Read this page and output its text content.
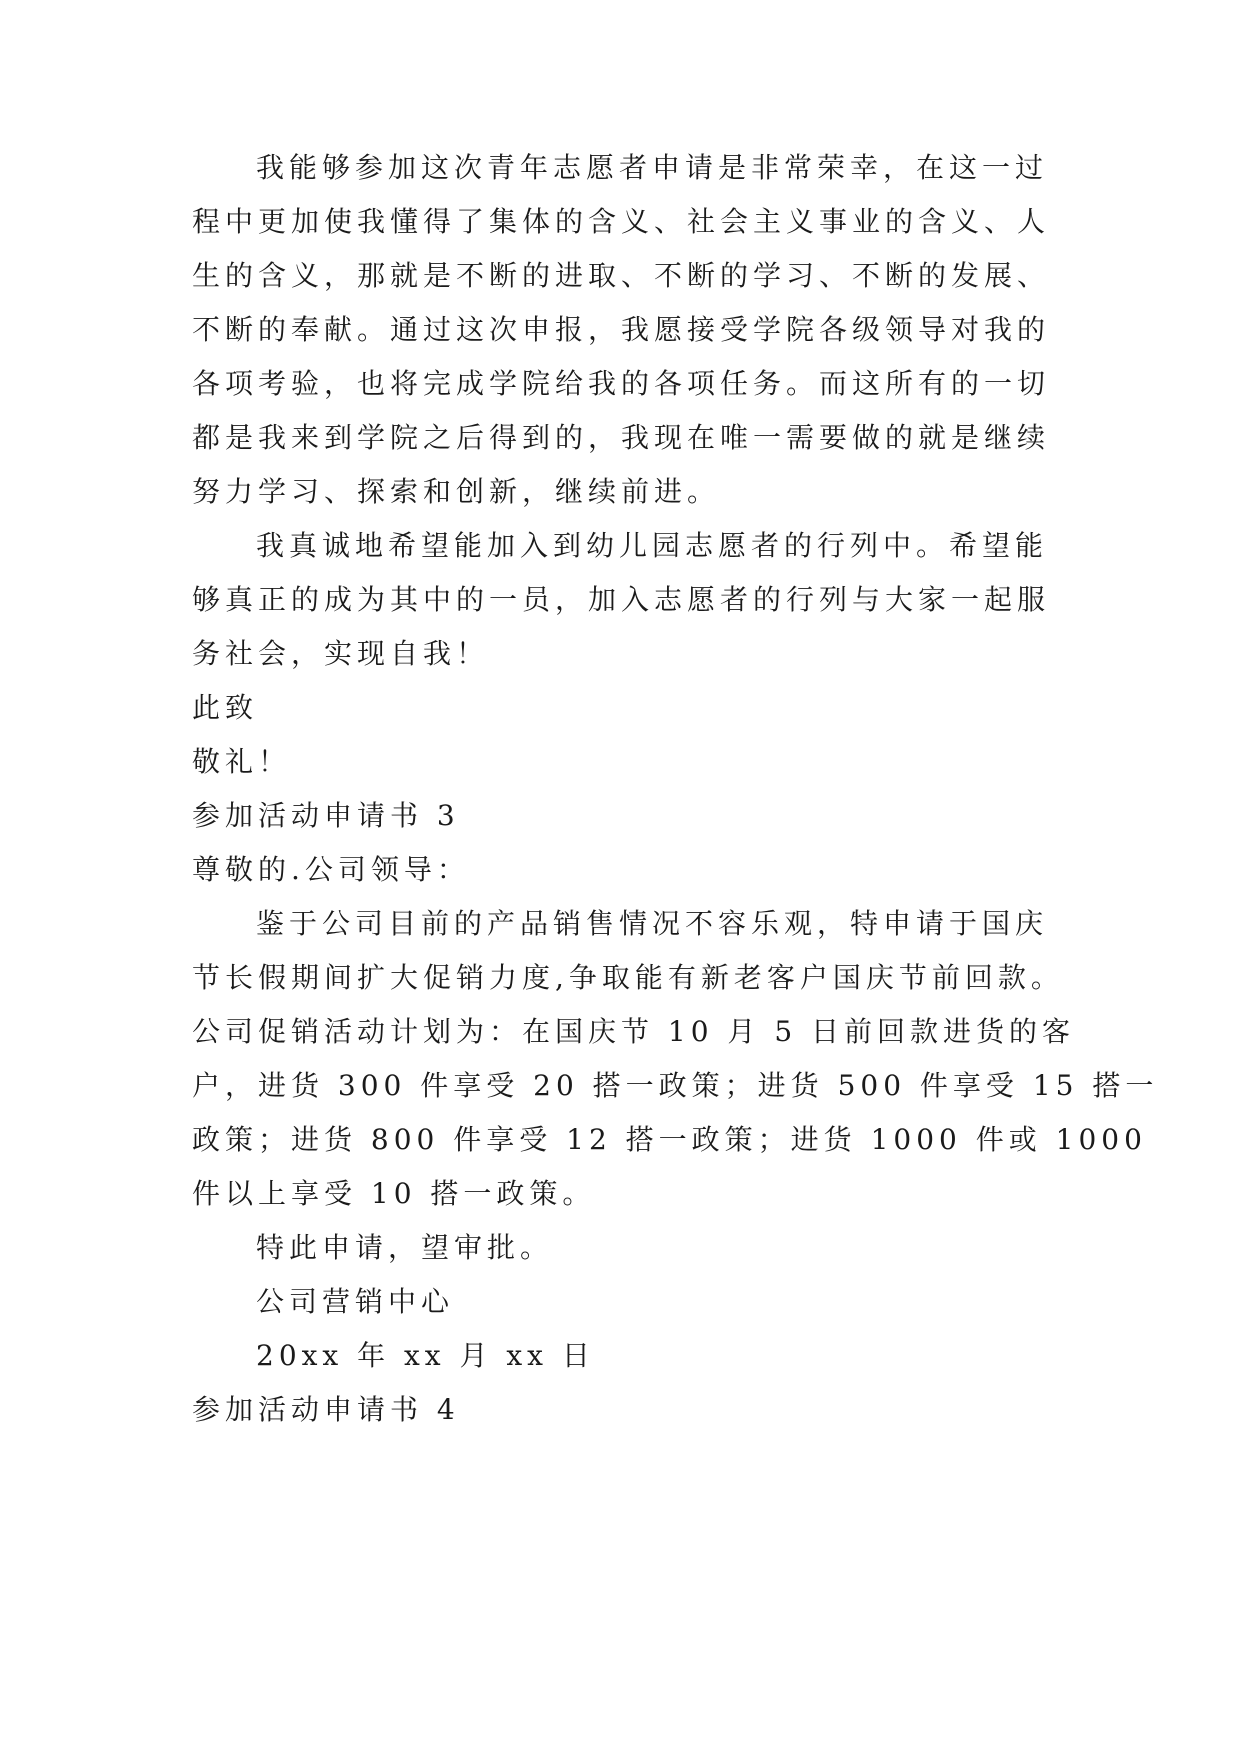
我能够参加这次青年志愿者申请是非常荣幸，在这一过
程中更加使我懂得了集体的含义、社会主义事业的含义、人
生的含义，那就是不断的进取、不断的学习、不断的发展、
不断的奉献。通过这次申报，我愿接受学院各级领导对我的
各项考验，也将完成学院给我的各项任务。而这所有的一切
都是我来到学院之后得到的，我现在唯一需要做的就是继续
努力学习、探索和创新，继续前进。
我真诚地希望能加入到幼儿园志愿者的行列中。希望能
够真正的成为其中的一员，加入志愿者的行列与大家一起服
务社会，实现自我！
此致
敬礼！
参加活动申请书 3
尊敬的.公司领导：
鉴于公司目前的产品销售情况不容乐观，特申请于国庆
节长假期间扩大促销力度,争取能有新老客户国庆节前回款。
公司促销活动计划为：在国庆节 10 月 5 日前回款进货的客
户，进货 300 件享受 20 搭一政策；进货 500 件享受 15 搭一
政策；进货 800 件享受 12 搭一政策；进货 1000 件或 1000
件以上享受 10 搭一政策。
特此申请，望审批。
公司营销中心
20xx 年 xx 月 xx 日
参加活动申请书 4
